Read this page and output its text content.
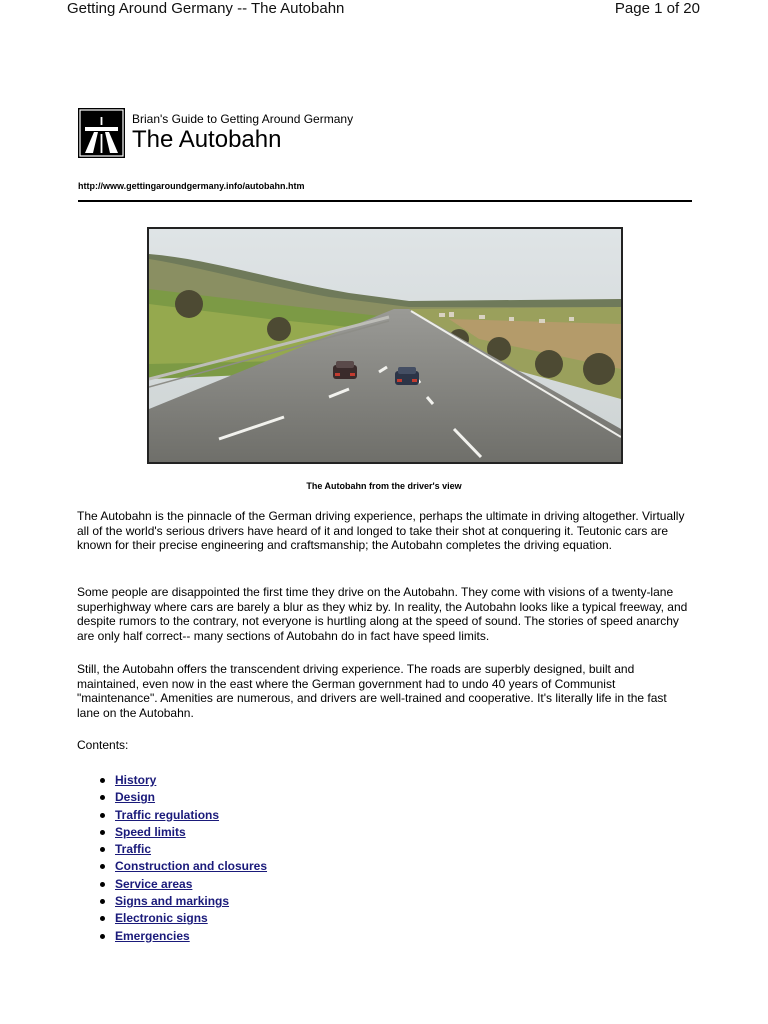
Getting Around Germany -- The Autobahn	Page 1 of 20
Brian's Guide to Getting Around Germany
The Autobahn
http://www.gettingaroundgermany.info/autobahn.htm
The Autobahn from the driver's view

The Autobahn is the pinnacle of the German driving experience, perhaps the ultimate in driving altogether. Virtually all of the world's serious drivers have heard of it and longed to take their shot at conquering it. Teutonic cars are known for their precise engineering and craftsmanship; the Autobahn completes the driving equation.

Some people are disappointed the first time they drive on the Autobahn. They come with visions of a twenty-lane superhighway where cars are barely a blur as they whiz by. In reality, the Autobahn looks like a typical freeway, and despite rumors to the contrary, not everyone is hurtling along at the speed of sound. The stories of speed anarchy are only half correct-- many sections of Autobahn do in fact have speed limits.

Still, the Autobahn offers the transcendent driving experience. The roads are superbly designed, built and maintained, even now in the east where the German government had to undo 40 years of Communist "maintenance". Amenities are numerous, and drivers are well-trained and cooperative. It's literally life in the fast lane on the Autobahn.

Contents:
History
Design
Traffic regulations
Speed limits
Traffic
Construction and closures
Service areas
Signs and markings
Electronic signs
Emergencies
